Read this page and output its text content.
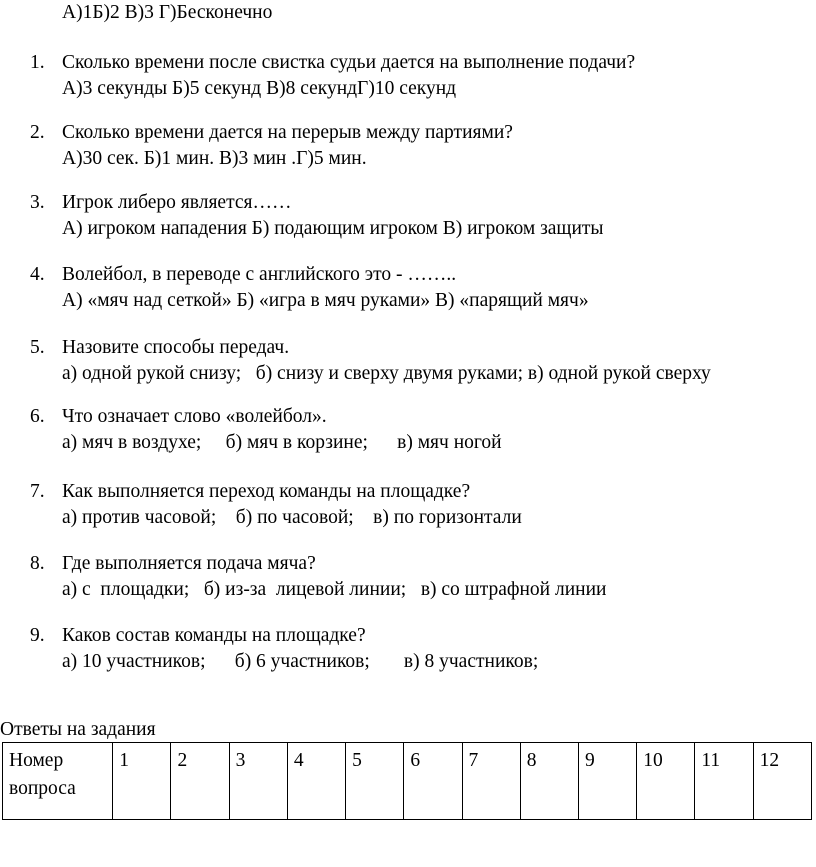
А)1Б)2 В)3 Г)Бесконечно
1. Сколько времени после свистка судьи дается на выполнение подачи?
А)3 секунды Б)5 секунд В)8 секундГ)10 секунд
2. Сколько времени дается на перерыв между партиями?
А)30 сек. Б)1 мин. В)3 мин .Г)5 мин.
3. Игрок либеро является……
А) игроком нападения Б) подающим игроком В) игроком защиты
4. Волейбол, в переводе с английского это - ……..
А) «мяч над сеткой» Б) «игра в мяч руками» В) «парящий мяч»
5. Назовите способы передач.
а) одной рукой снизу;   б) снизу и сверху двумя руками; в) одной рукой сверху
6. Что означает слово «волейбол».
а) мяч в воздухе;     б) мяч в корзине;      в) мяч ногой
7. Как выполняется переход команды на площадке?
а) против часовой;    б) по часовой;    в) по горизонтали
8. Где выполняется подача мяча?
а) с  площадки;   б) из-за  лицевой линии;   в) со штрафной линии
9. Каков состав команды на площадке?
а) 10 участников;      б) 6 участников;       в) 8 участников;
Ответы на задания
Номер
вопроса
	1	2	3	4	5	6	7	8	9	10	11	12
